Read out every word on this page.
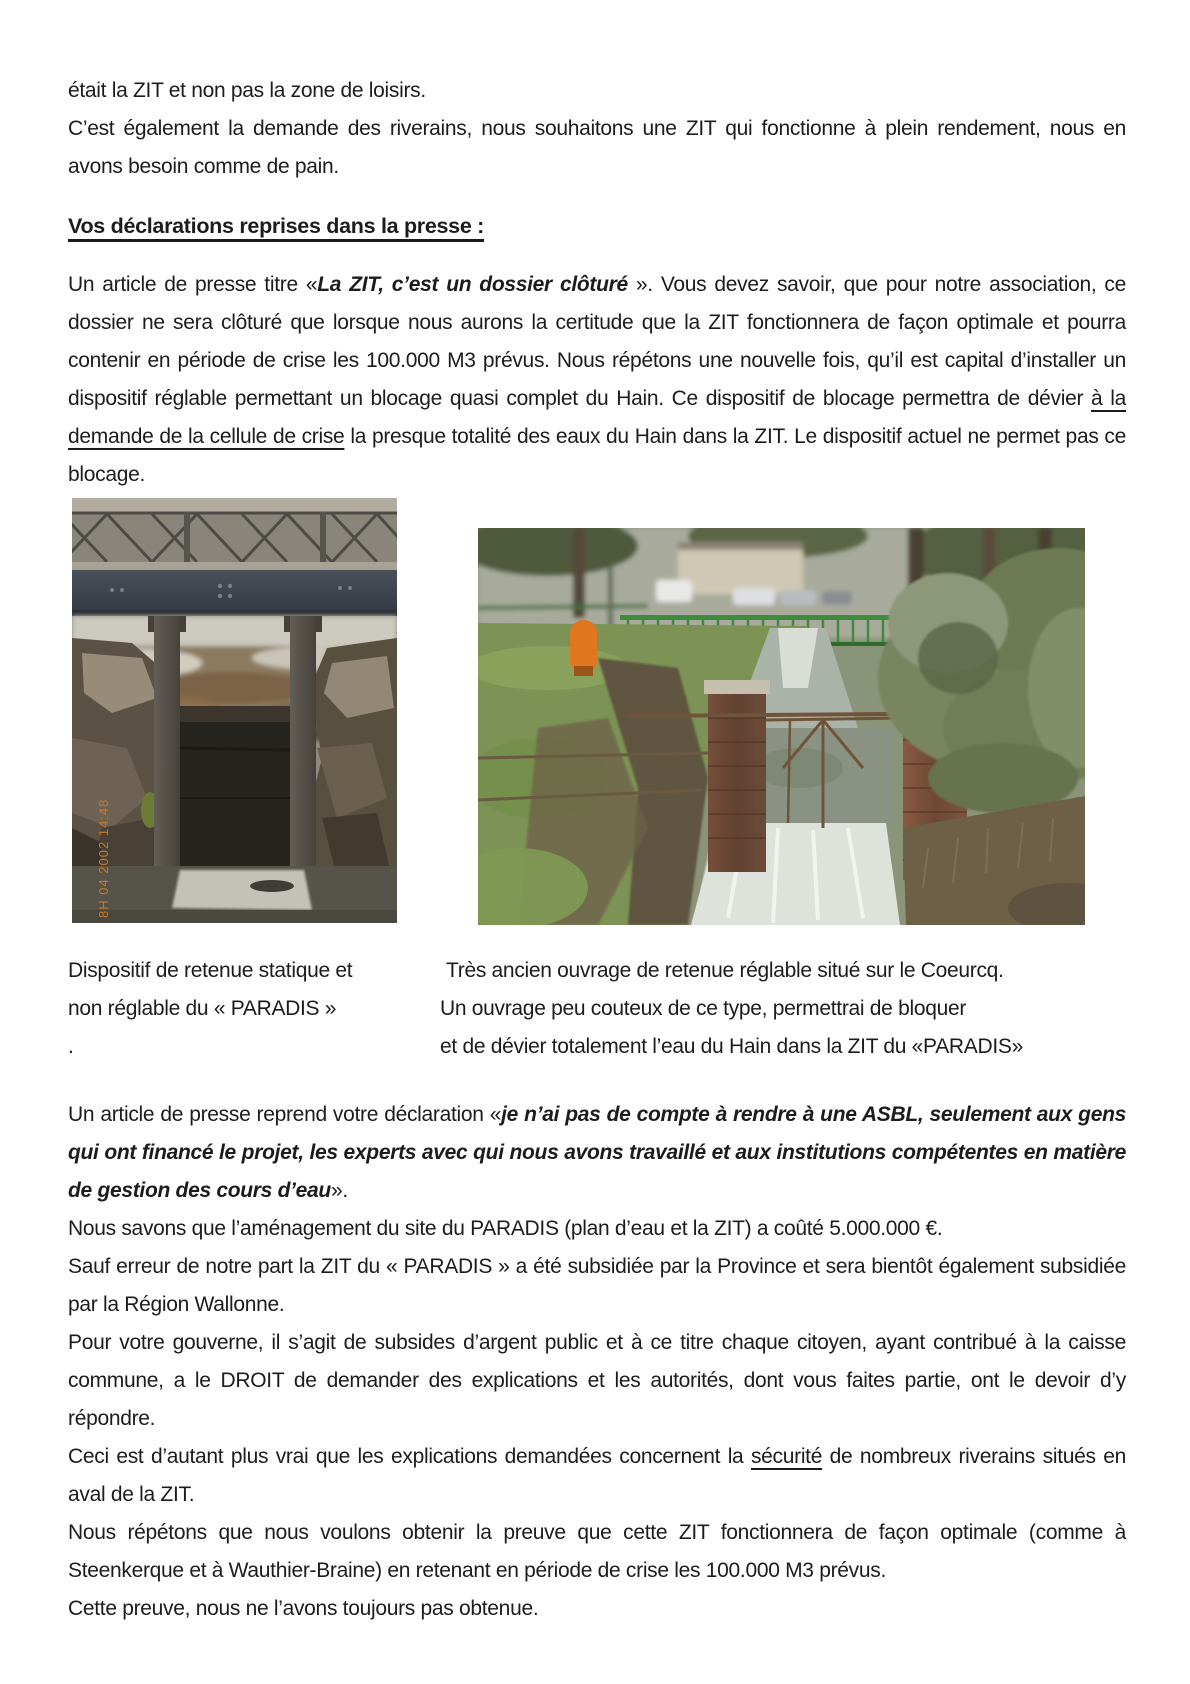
était la ZIT et non pas la zone de loisirs.

C’est également la demande des riverains, nous souhaitons une ZIT qui fonctionne à plein rendement, nous en avons besoin comme de pain.

Vos déclarations reprises dans la presse :

Un article de presse titre «La ZIT, c’est un dossier clôturé ». Vous devez savoir, que pour notre association, ce dossier ne sera clôturé que lorsque nous aurons la certitude que la ZIT fonctionnera de façon optimale et pourra contenir en période de crise les 100.000 M3 prévus. Nous répétons une nouvelle fois, qu’il est capital d’installer un dispositif réglable permettant un blocage quasi complet du Hain. Ce dispositif de blocage permettra de dévier à la demande de la cellule de crise la presque totalité des eaux du Hain dans la ZIT. Le dispositif actuel ne permet pas ce blocage.

8H 04 2002 14:48
Dispositif de retenue statique et
non réglable du « PARADIS »
.
Très ancien ouvrage de retenue réglable situé sur le Coeurcq.
Un ouvrage peu couteux de ce type, permettrai de bloquer
et de dévier totalement l’eau du Hain dans la ZIT du «PARADIS»

Un article de presse reprend votre déclaration «je n’ai pas de compte à rendre à une ASBL, seulement aux gens qui ont financé le projet, les experts avec qui nous avons travaillé et aux institutions compétentes en matière de gestion des cours d’eau».

Nous savons que l’aménagement du site du PARADIS (plan d’eau et la ZIT) a coûté 5.000.000 €.

Sauf erreur de notre part la ZIT du « PARADIS » a été subsidiée par la Province et sera bientôt également subsidiée par la Région Wallonne.

Pour votre gouverne, il s’agit de subsides d’argent public et à ce titre chaque citoyen, ayant contribué à la caisse commune, a le DROIT de demander des explications et les autorités, dont vous faites partie, ont le devoir d’y répondre.

Ceci est d’autant plus vrai que les explications demandées concernent la sécurité de nombreux riverains situés en aval de la ZIT.

Nous répétons que nous voulons obtenir la preuve que cette ZIT fonctionnera de façon optimale (comme à Steenkerque et à Wauthier-Braine) en retenant en période de crise les 100.000 M3 prévus.

Cette preuve, nous ne l’avons toujours pas obtenue.
